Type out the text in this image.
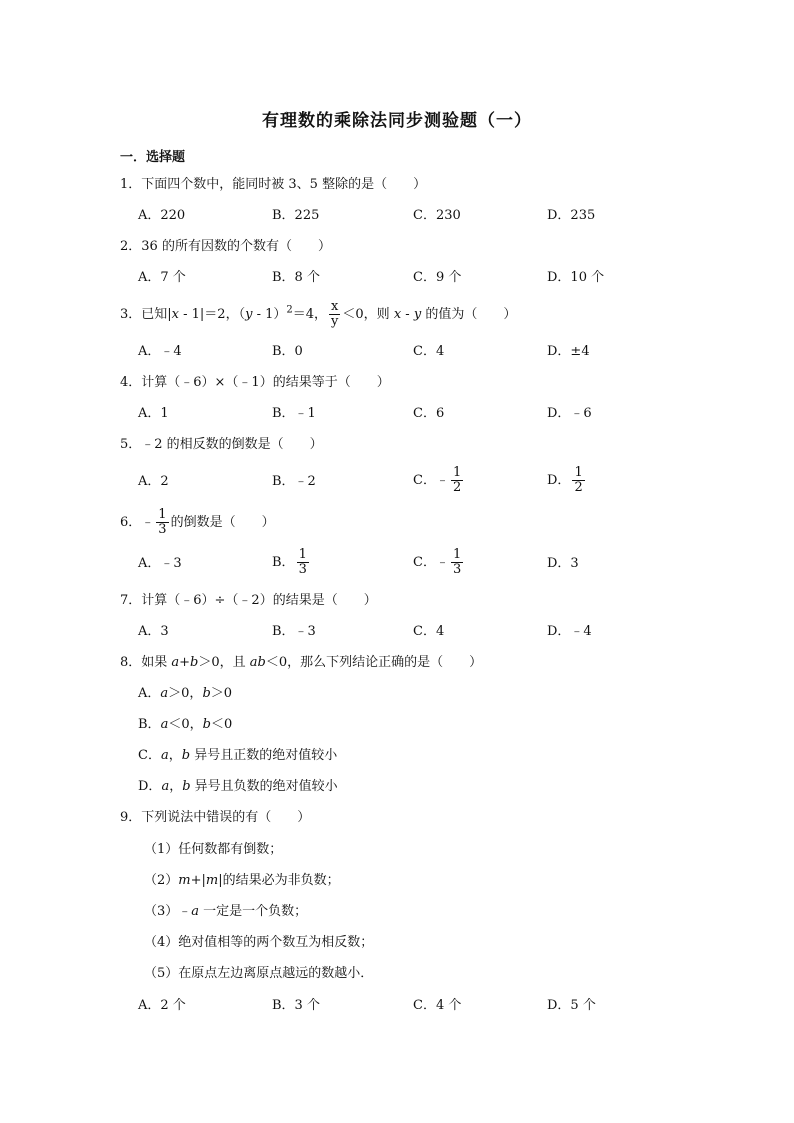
有理数的乘除法同步测验题（一）
一．选择题
1．下面四个数中，能同时被 3、5 整除的是（　　）
A．220	B．225	C．230	D．235
2．36 的所有因数的个数有（　　）
A．7 个	B．8 个	C．9 个	D．10 个
3．已知|x - 1|＝2，（y - 1）$^2$＝4， $\frac{x}{y} <0$，则 x - y 的值为（　　）
A．﹣4	B．0	C．4	D．±4
4．计算（﹣6）×（﹣1）的结果等于（　　）
A．1	B．﹣1	C．6	D．﹣6
5．﹣2 的相反数的倒数是（　　）
A．2	B．﹣2	C．﹣ $\frac{1}{2}$	D． $\frac{1}{2}$
6．﹣ $\frac{1}{3}$ 的倒数是（　　）
A．﹣3	B． $\frac{1}{3}$	C．﹣ $\frac{1}{3}$	D．3
7．计算（﹣6）÷（﹣2）的结果是（　　）
A．3	B．﹣3	C．4	D．﹣4
8．如果 a+b＞0，且 ab＜0，那么下列结论正确的是（　　）
A．a＞0，b＞0
B．a＜0，b＜0
C．a，b 异号且正数的绝对值较小
D．a，b 异号且负数的绝对值较小
9．下列说法中错误的有（　　）
（1）任何数都有倒数；
（2）m+|m|的结果必为非负数；
（3）﹣a 一定是一个负数；
（4）绝对值相等的两个数互为相反数；
（5）在原点左边离原点越远的数越小．
A．2 个	B．3 个	C．4 个	D．5 个
